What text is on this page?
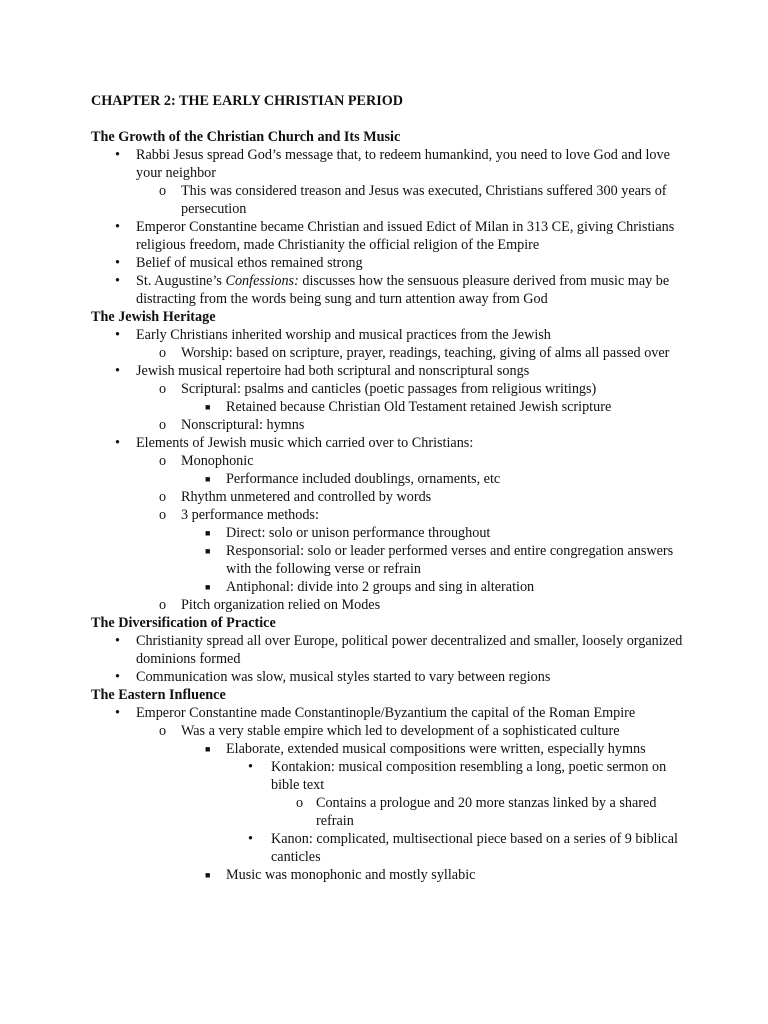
CHAPTER 2: THE EARLY CHRISTIAN PERIOD
The Growth of the Christian Church and Its Music
• Rabbi Jesus spread God’s message that, to redeem humankind, you need to love God and love your neighbor
o This was considered treason and Jesus was executed, Christians suffered 300 years of persecution
• Emperor Constantine became Christian and issued Edict of Milan in 313 CE, giving Christians religious freedom, made Christianity the official religion of the Empire
• Belief of musical ethos remained strong
• St. Augustine’s Confessions: discusses how the sensuous pleasure derived from music may be distracting from the words being sung and turn attention away from God
The Jewish Heritage
• Early Christians inherited worship and musical practices from the Jewish
o Worship: based on scripture, prayer, readings, teaching, giving of alms all passed over
• Jewish musical repertoire had both scriptural and nonscriptural songs
o Scriptural: psalms and canticles (poetic passages from religious writings)
■ Retained because Christian Old Testament retained Jewish scripture
o Nonscriptural: hymns
• Elements of Jewish music which carried over to Christians:
o Monophonic
■ Performance included doublings, ornaments, etc
o Rhythm unmetered and controlled by words
o 3 performance methods:
■ Direct: solo or unison performance throughout
■ Responsorial: solo or leader performed verses and entire congregation answers with the following verse or refrain
■ Antiphonal: divide into 2 groups and sing in alteration
o Pitch organization relied on Modes
The Diversification of Practice
• Christianity spread all over Europe, political power decentralized and smaller, loosely organized dominions formed
• Communication was slow, musical styles started to vary between regions
The Eastern Influence
• Emperor Constantine made Constantinople/Byzantium the capital of the Roman Empire
o Was a very stable empire which led to development of a sophisticated culture
■ Elaborate, extended musical compositions were written, especially hymns
• Kontakion: musical composition resembling a long, poetic sermon on bible text
o Contains a prologue and 20 more stanzas linked by a shared refrain
• Kanon: complicated, multisectional piece based on a series of 9 biblical canticles
■ Music was monophonic and mostly syllabic
